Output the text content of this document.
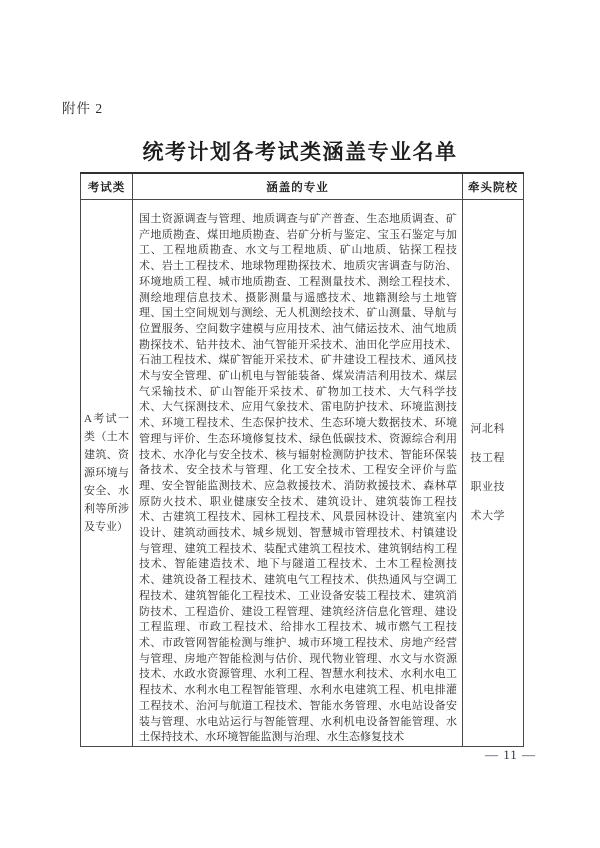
附件 2
统考计划各考试类涵盖专业名单
考试类	涵盖的专业	牵头院校

A考试一类（土木建筑、资源环境与安全、水利等所涉及专业）	国土资源调查与管理、地质调查与矿产普查、生态地质调查、矿产地质勘查、煤田地质勘查、岩矿分析与鉴定、宝玉石鉴定与加工、工程地质勘查、水文与工程地质、矿山地质、钻探工程技术、岩土工程技术、地球物理勘探技术、地质灾害调查与防治、环境地质工程、城市地质勘查、工程测量技术、测绘工程技术、测绘地理信息技术、摄影测量与遥感技术、地籍测绘与土地管理、国土空间规划与测绘、无人机测绘技术、矿山测量、导航与位置服务、空间数字建模与应用技术、油气储运技术、油气地质勘探技术、钻井技术、油气智能开采技术、油田化学应用技术、石油工程技术、煤矿智能开采技术、矿井建设工程技术、通风技术与安全管理、矿山机电与智能装备、煤炭清洁利用技术、煤层气采输技术、矿山智能开采技术、矿物加工技术、大气科学技术、大气探测技术、应用气象技术、雷电防护技术、环境监测技术、环境工程技术、生态保护技术、生态环境大数据技术、环境管理与评价、生态环境修复技术、绿色低碳技术、资源综合利用技术、水净化与安全技术、核与辐射检测防护技术、智能环保装备技术、安全技术与管理、化工安全技术、工程安全评价与监理、安全智能监测技术、应急救援技术、消防救援技术、森林草原防火技术、职业健康安全技术、建筑设计、建筑装饰工程技术、古建筑工程技术、园林工程技术、风景园林设计、建筑室内设计、建筑动画技术、城乡规划、智慧城市管理技术、村镇建设与管理、建筑工程技术、装配式建筑工程技术、建筑钢结构工程技术、智能建造技术、地下与隧道工程技术、土木工程检测技术、建筑设备工程技术、建筑电气工程技术、供热通风与空调工程技术、建筑智能化工程技术、工业设备安装工程技术、建筑消防技术、工程造价、建设工程管理、建筑经济信息化管理、建设工程监理、市政工程技术、给排水工程技术、城市燃气工程技术、市政管网智能检测与维护、城市环境工程技术、房地产经营与管理、房地产智能检测与估价、现代物业管理、水文与水资源技术、水政水资源管理、水利工程、智慧水利技术、水利水电工程技术、水利水电工程智能管理、水利水电建筑工程、机电排灌工程技术、治河与航道工程技术、智能水务管理、水电站设备安装与管理、水电站运行与智能管理、水利机电设备智能管理、水土保持技术、水环境智能监测与治理、水生态修复技术	河北科技工程职业技术大学
— 11 —
